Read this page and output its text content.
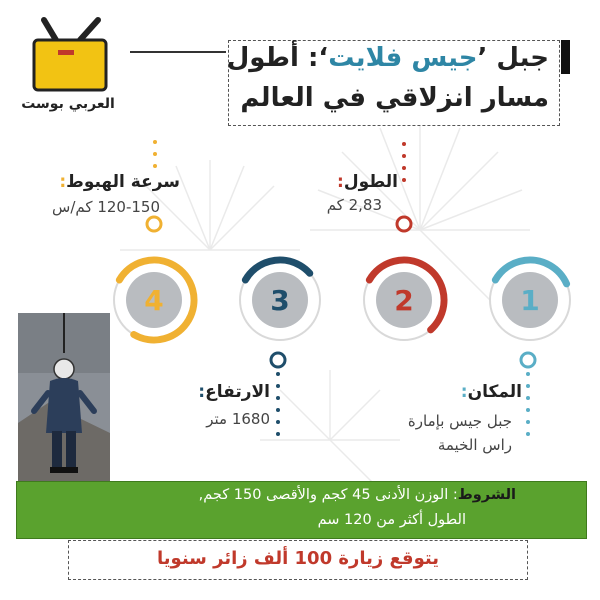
العربي بوست
جبل ’جيس فلايت‘: أطول
مسار انزلاقي في العالم
1
2
3
4
الطول:
2,83 كم
سرعة الهبوط:
120-150 كم/س
المكان:
جبل جيس بإمارة
راس الخيمة
الارتفاع:
1680 متر
الشروط: الوزن الأدنى 45 كجم والأقصى 150 كجم,
الطول أكثر من 120 سم
يتوقع زيارة 100 ألف زائر سنويا
